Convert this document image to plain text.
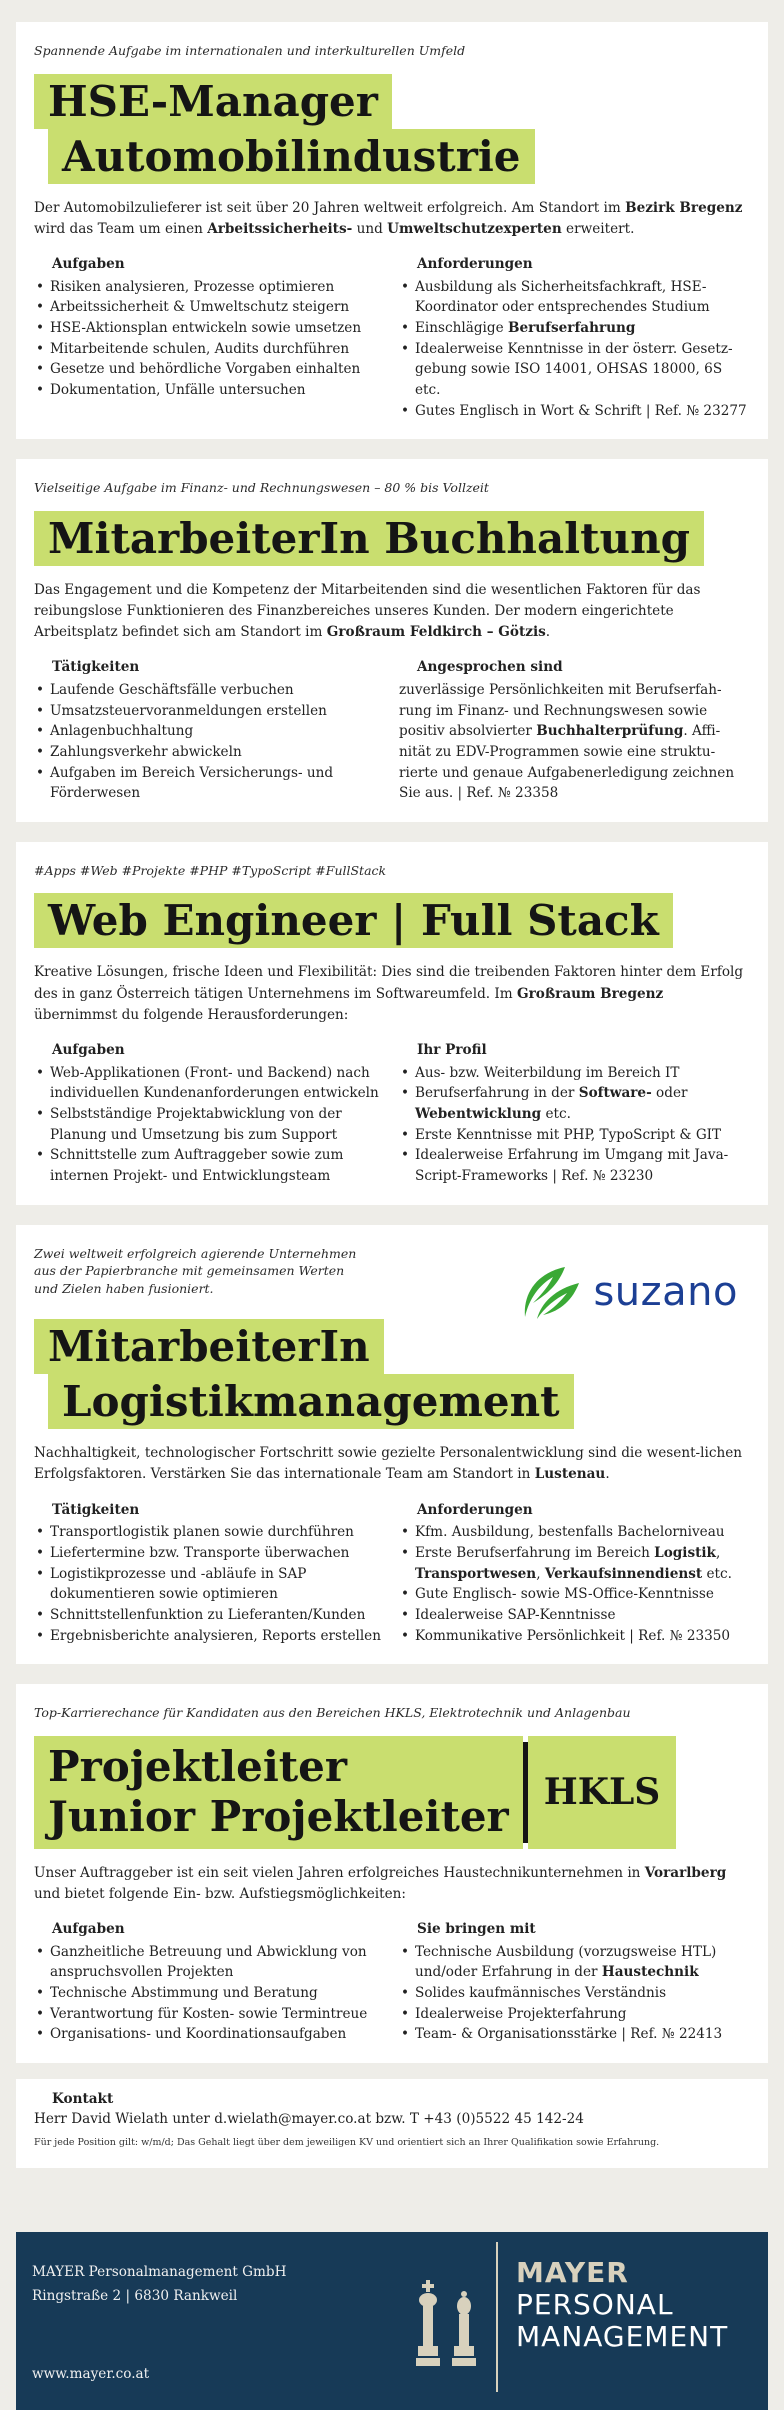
Spannende Aufgabe im internationalen und interkulturellen Umfeld

HSE-Manager
Automobilindustrie

Der Automobilzulieferer ist seit über 20 Jahren weltweit erfolgreich. Am Standort im Bezirk Bregenz wird das Team um einen Arbeitssicherheits- und Umweltschutzexperten erweitert.

Aufgaben
• Risiken analysieren, Prozesse optimieren
• Arbeitssicherheit & Umweltschutz steigern
• HSE-Aktionsplan entwickeln sowie umsetzen
• Mitarbeitende schulen, Audits durchführen
• Gesetze und behördliche Vorgaben einhalten
• Dokumentation, Unfälle untersuchen
Anforderungen
• Ausbildung als Sicherheitsfachkraft, HSE-Koordinator oder entsprechendes Studium
• Einschlägige Berufserfahrung
• Idealerweise Kenntnisse in der österr. Gesetz-gebung sowie ISO 14001, OHSAS 18000, 6S etc.
• Gutes Englisch in Wort & Schrift | Ref. № 23277

Vielseitige Aufgabe im Finanz- und Rechnungswesen – 80 % bis Vollzeit

MitarbeiterIn Buchhaltung

Das Engagement und die Kompetenz der Mitarbeitenden sind die wesentlichen Faktoren für das reibungslose Funktionieren des Finanzbereiches unseres Kunden. Der modern eingerichtete Arbeitsplatz befindet sich am Standort im Großraum Feldkirch – Götzis.

Tätigkeiten
• Laufende Geschäftsfälle verbuchen
• Umsatzsteuervoranmeldungen erstellen
• Anlagenbuchhaltung
• Zahlungsverkehr abwickeln
• Aufgaben im Bereich Versicherungs- und Förderwesen
Angesprochen sind

zuverlässige Persönlichkeiten mit Berufserfah-rung im Finanz- und Rechnungswesen sowie positiv absolvierter Buchhalterprüfung. Affi-nität zu EDV-Programmen sowie eine struktu-rierte und genaue Aufgabenerledigung zeichnen Sie aus. | Ref. № 23358

#Apps #Web #Projekte #PHP #TypoScript #FullStack

Web Engineer | Full Stack

Kreative Lösungen, frische Ideen und Flexibilität: Dies sind die treibenden Faktoren hinter dem Erfolg des in ganz Österreich tätigen Unternehmens im Softwareumfeld. Im Großraum Bregenz übernimmst du folgende Herausforderungen:

Aufgaben
• Web-Applikationen (Front- und Backend) nach individuellen Kundenanforderungen entwickeln
• Selbstständige Projektabwicklung von der Planung und Umsetzung bis zum Support
• Schnittstelle zum Auftraggeber sowie zum internen Projekt- und Entwicklungsteam
Ihr Profil
• Aus- bzw. Weiterbildung im Bereich IT
• Berufserfahrung in der Software- oder Webentwicklung etc.
• Erste Kenntnisse mit PHP, TypoScript & GIT
• Idealerweise Erfahrung im Umgang mit Java-Script-Frameworks | Ref. № 23230

Zwei weltweit erfolgreich agierende Unternehmen aus der Papierbranche mit gemeinsamen Werten und Zielen haben fusioniert.	suzano
MitarbeiterIn
Logistikmanagement

Nachhaltigkeit, technologischer Fortschritt sowie gezielte Personalentwicklung sind die wesent-lichen Erfolgsfaktoren. Verstärken Sie das internationale Team am Standort in Lustenau.

Tätigkeiten
• Transportlogistik planen sowie durchführen
• Liefertermine bzw. Transporte überwachen
• Logistikprozesse und -abläufe in SAP dokumentieren sowie optimieren
• Schnittstellenfunktion zu Lieferanten/Kunden
• Ergebnisberichte analysieren, Reports erstellen
Anforderungen
• Kfm. Ausbildung, bestenfalls Bachelorniveau
• Erste Berufserfahrung im Bereich Logistik, Transportwesen, Verkaufsinnendienst etc.
• Gute Englisch- sowie MS-Office-Kenntnisse
• Idealerweise SAP-Kenntnisse
• Kommunikative Persönlichkeit | Ref. № 23350

Top-Karrierechance für Kandidaten aus den Bereichen HKLS, Elektrotechnik und Anlagenbau

Projektleiter
Junior Projektleiter HKLS

Unser Auftraggeber ist ein seit vielen Jahren erfolgreiches Haustechnikunternehmen in Vorarlberg und bietet folgende Ein- bzw. Aufstiegsmöglichkeiten:

Aufgaben
• Ganzheitliche Betreuung und Abwicklung von anspruchsvollen Projekten
• Technische Abstimmung und Beratung
• Verantwortung für Kosten- sowie Termintreue
• Organisations- und Koordinationsaufgaben
Sie bringen mit
• Technische Ausbildung (vorzugsweise HTL) und/oder Erfahrung in der Haustechnik
• Solides kaufmännisches Verständnis
• Idealerweise Projekterfahrung
• Team- & Organisationsstärke | Ref. № 22413
Kontakt

Herr David Wielath unter d.wielath@mayer.co.at bzw. T +43 (0)5522 45 142-24

Für jede Position gilt: w/m/d; Das Gehalt liegt über dem jeweiligen KV und orientiert sich an Ihrer Qualifikation sowie Erfahrung.

MAYER Personalmanagement GmbH
Ringstraße 2 | 6830 Rankweil
www.mayer.co.at
MAYER
PERSONAL
MANAGEMENT
